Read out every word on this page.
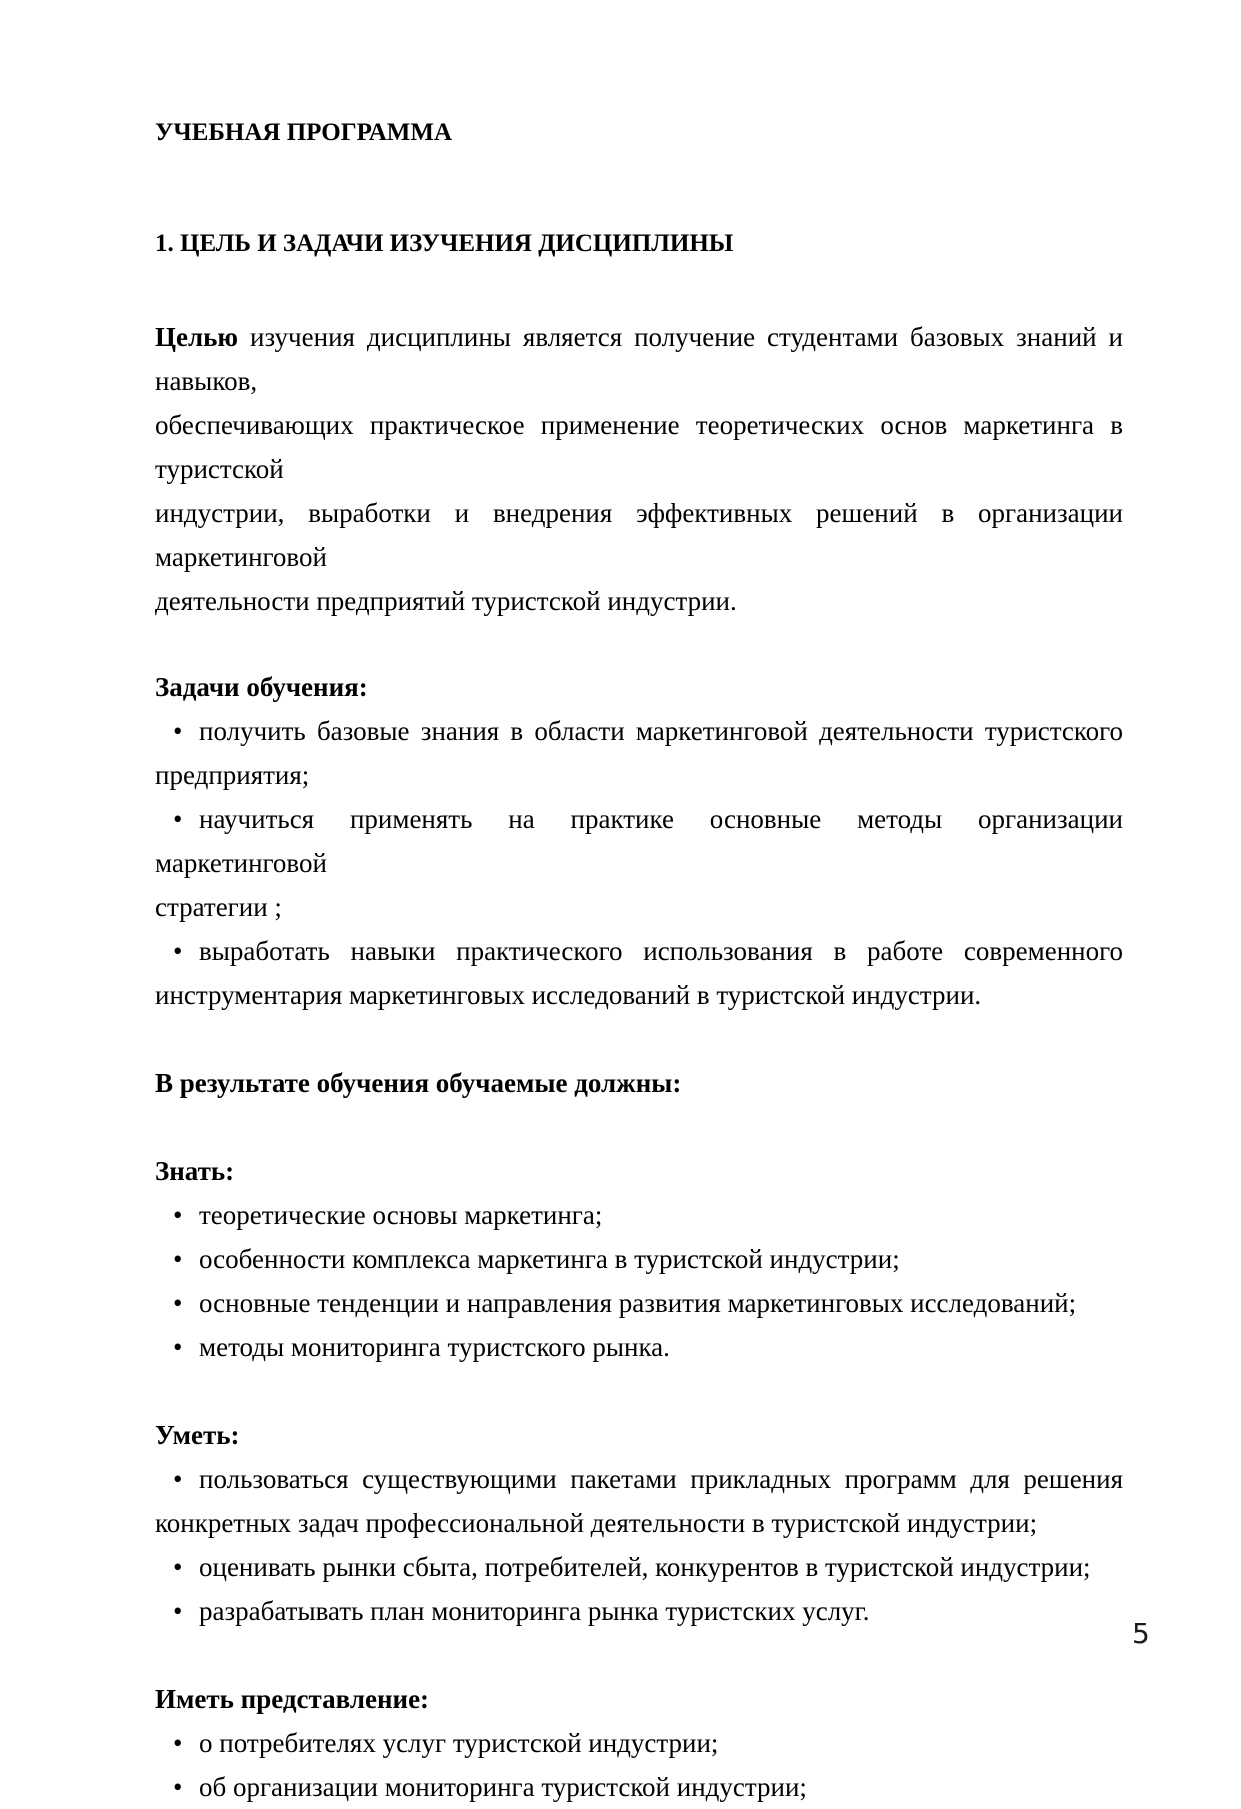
УЧЕБНАЯ ПРОГРАММА
1. ЦЕЛЬ И ЗАДАЧИ ИЗУЧЕНИЯ ДИСЦИПЛИНЫ
Целью изучения дисциплины является получение студентами базовых знаний и навыков,
обеспечивающих практическое применение теоретических основ маркетинга в туристской
индустрии, выработки и внедрения эффективных решений в организации маркетинговой
деятельности предприятий туристской индустрии.
Задачи обучения:
• получить базовые знания в области маркетинговой деятельности туристского
предприятия;
• научиться применять на практике основные методы организации маркетинговой
стратегии ;
• выработать навыки практического использования в работе современного
инструментария маркетинговых исследований в туристской индустрии.
В результате обучения обучаемые должны:
Знать:
• теоретические основы маркетинга;
• особенности комплекса маркетинга в туристской индустрии;
• основные тенденции и направления развития маркетинговых исследований;
• методы мониторинга туристского рынка.
Уметь:
• пользоваться существующими пакетами прикладных программ для решения
конкретных задач профессиональной деятельности в туристской индустрии;
• оценивать рынки сбыта, потребителей, конкурентов в туристской индустрии;
• разрабатывать план мониторинга рынка туристских услуг.
Иметь представление:
• о потребителях услуг туристской индустрии;
• об организации мониторинга туристской индустрии;
5
